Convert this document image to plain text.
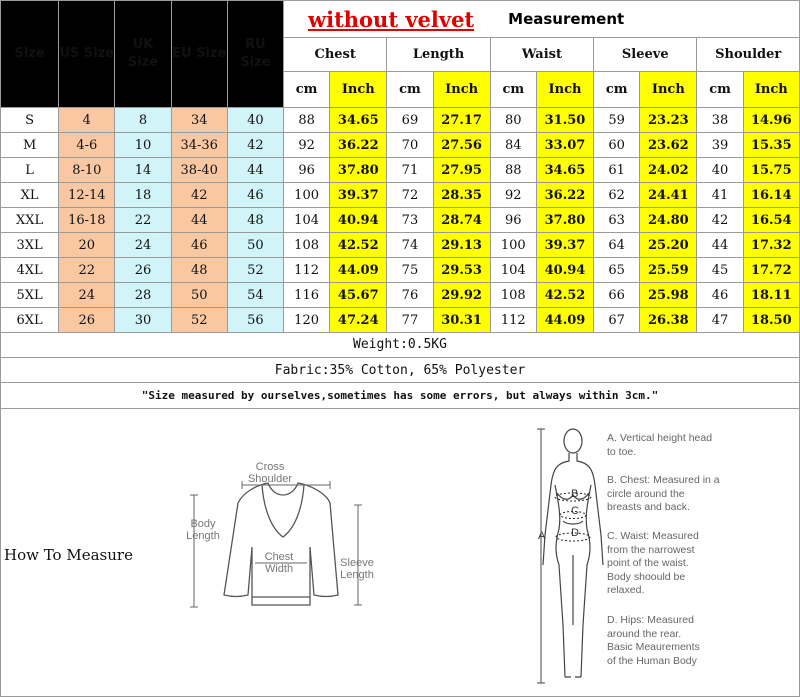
Size	US Size	UK Size	EU Size	RU Size	without velvet Measurement									

					Chest		Length		Waist		Sleeve		Shoulder	
					cm	Inch	cm	Inch	cm	Inch	cm	Inch	cm	Inch
S	4	8	34	40	88	34.65	69	27.17	80	31.50	59	23.23	38	14.96
M	4-6	10	34-36	42	92	36.22	70	27.56	84	33.07	60	23.62	39	15.35
L	8-10	14	38-40	44	96	37.80	71	27.95	88	34.65	61	24.02	40	15.75
XL	12-14	18	42	46	100	39.37	72	28.35	92	36.22	62	24.41	41	16.14
XXL	16-18	22	44	48	104	40.94	73	28.74	96	37.80	63	24.80	42	16.54
3XL	20	24	46	50	108	42.52	74	29.13	100	39.37	64	25.20	44	17.32
4XL	22	26	48	52	112	44.09	75	29.53	104	40.94	65	25.59	45	17.72
5XL	24	28	50	54	116	45.67	76	29.92	108	42.52	66	25.98	46	18.11
6XL	26	30	52	56	120	47.24	77	30.31	112	44.09	67	26.38	47	18.50

Weight:0.5KG
Fabric:35% Cotton, 65% Polyester
"Size measured by ourselves,sometimes has some errors, but always within 3cm."
How To Measure
Cross
Shoulder
Body
Length
Chest
Width	Sleeve
Length
A
B
C
D
A. Vertical height head
to toe.
B. Chest: Measured in a
circle around the
breasts and back.
C. Waist: Measured
from the narrowest
point of the waist.
Body shoould be
relaxed.
D. Hips: Measured
around the rear.
Basic Meaurements
of the Human Body
